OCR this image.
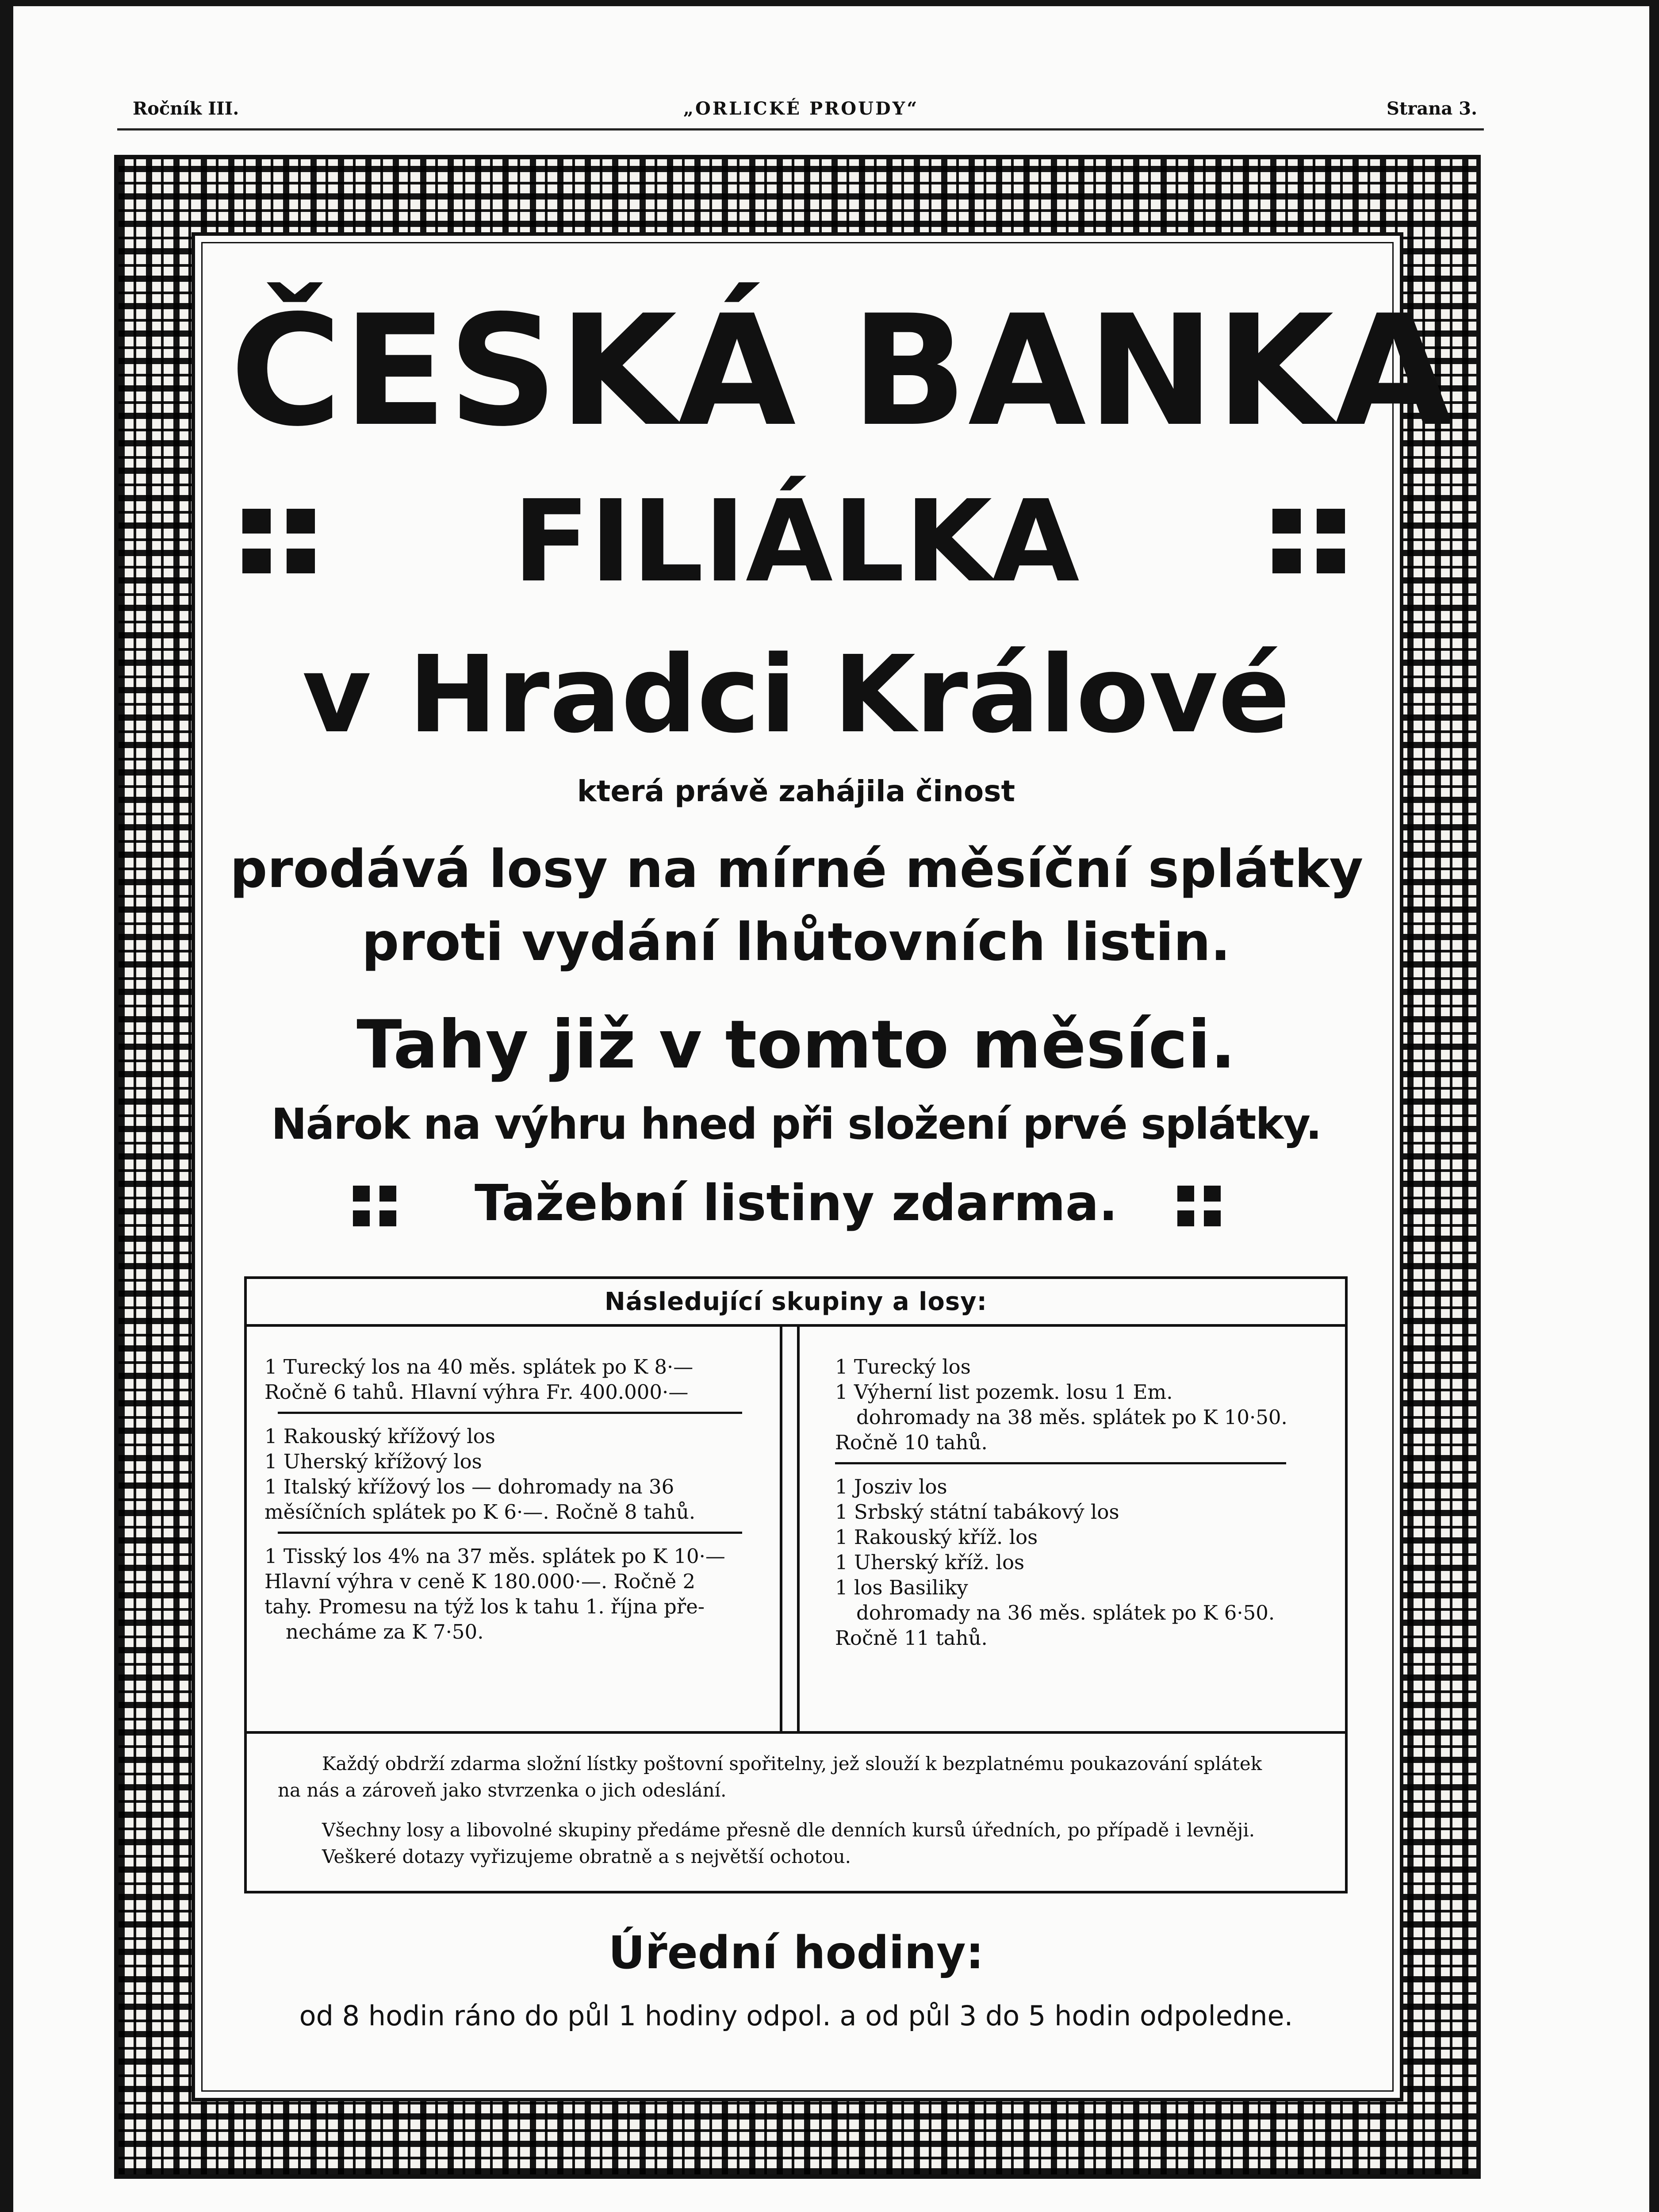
Ročník III.	„ORLICKÉ PROUDY“	Strana 3.
ČESKÁ BANKA
FILIÁLKA
v Hradci Králové
která právě zahájila činost
prodává losy na mírné měsíční splátky
proti vydání lhůtovních listin.
Tahy již v tomto měsíci.
Nárok na výhru hned při složení prvé splátky.
Tažební listiny zdarma.
Následující skupiny a losy:
1 Turecký los na 40 měs. splátek po K 8·—
Ročně 6 tahů. Hlavní výhra Fr. 400.000·—
1 Rakouský křížový los
1 Uherský křížový los
1 Italský křížový los — dohromady na 36
měsíčních splátek po K 6·—. Ročně 8 tahů.
1 Tisský los 4% na 37 měs. splátek po K 10·—
Hlavní výhra v ceně K 180.000·—. Ročně 2
tahy. Promesu na týž los k tahu 1. října pře-
necháme za K 7·50.
1 Turecký los
1 Výherní list pozemk. losu 1 Em.
dohromady na 38 měs. splátek po K 10·50.
Ročně 10 tahů.
1 Josziv los
1 Srbský státní tabákový los
1 Rakouský kříž. los
1 Uherský kříž. los
1 los Basiliky
dohromady na 36 měs. splátek po K 6·50.
Ročně 11 tahů.
Každý obdrží zdarma složní lístky poštovní spořitelny, jež slouží k bezplatnému poukazování splátek
na nás a zároveň jako stvrzenka o jich odeslání.
Všechny losy a libovolné skupiny předáme přesně dle denních kursů úředních, po případě i levněji.
Veškeré dotazy vyřizujeme obratně a s největší ochotou.
Úřední hodiny:
od 8 hodin ráno do půl 1 hodiny odpol. a od půl 3 do 5 hodin odpoledne.
